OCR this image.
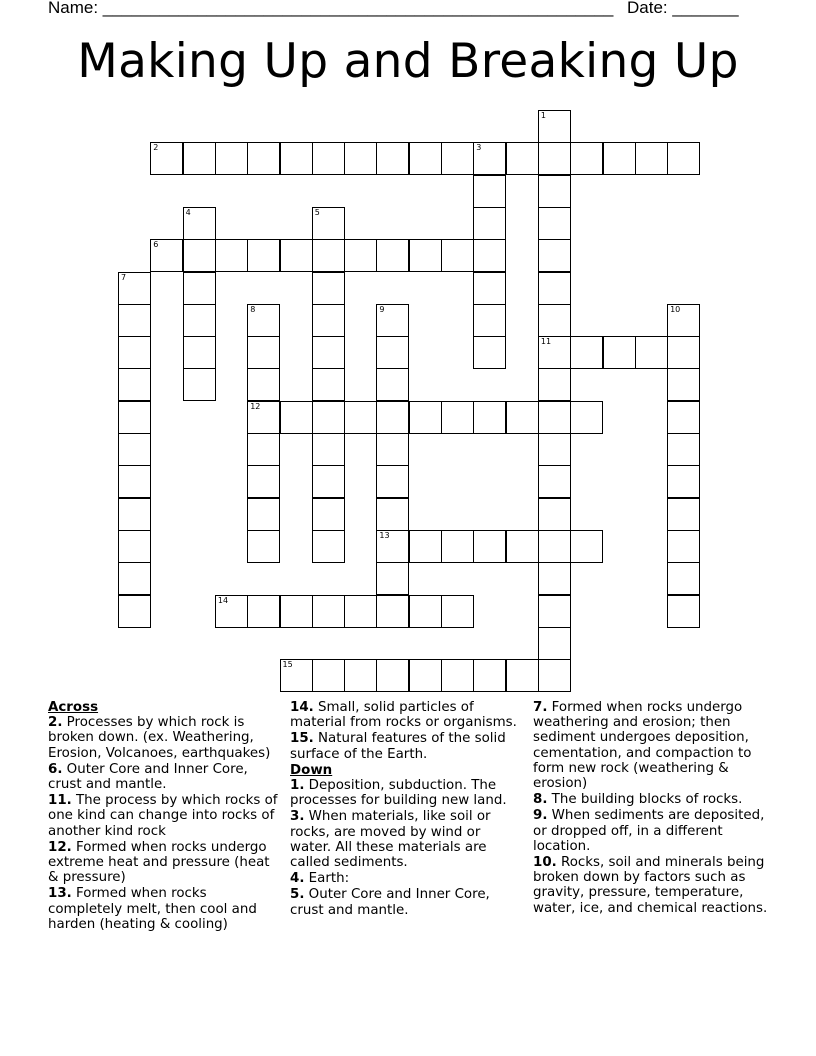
Name: ______________________________________________________ Date: _______
Making Up and Breaking Up
1
11
2	3
4	5
6
7
8
12
9
13
10
14
15
Across
2. Processes by which rock is broken down. (ex. Weathering, Erosion, Volcanoes, earthquakes)
6. Outer Core and Inner Core, crust and mantle.
11. The process by which rocks of one kind can change into rocks of another kind rock
12. Formed when rocks undergo extreme heat and pressure (heat & pressure)
13. Formed when rocks completely melt, then cool and harden (heating & cooling)
14. Small, solid particles of material from rocks or organisms.
15. Natural features of the solid surface of the Earth.
Down
1. Deposition, subduction. The processes for building new land.
3. When materials, like soil or rocks, are moved by wind or water. All these materials are called sediments.
4. Earth:
5. Outer Core and Inner Core, crust and mantle.
7. Formed when rocks undergo weathering and erosion; then sediment undergoes deposition, cementation, and compaction to form new rock (weathering & erosion)
8. The building blocks of rocks.
9. When sediments are deposited, or dropped off, in a different location.
10. Rocks, soil and minerals being broken down by factors such as gravity, pressure, temperature, water, ice, and chemical reactions.
